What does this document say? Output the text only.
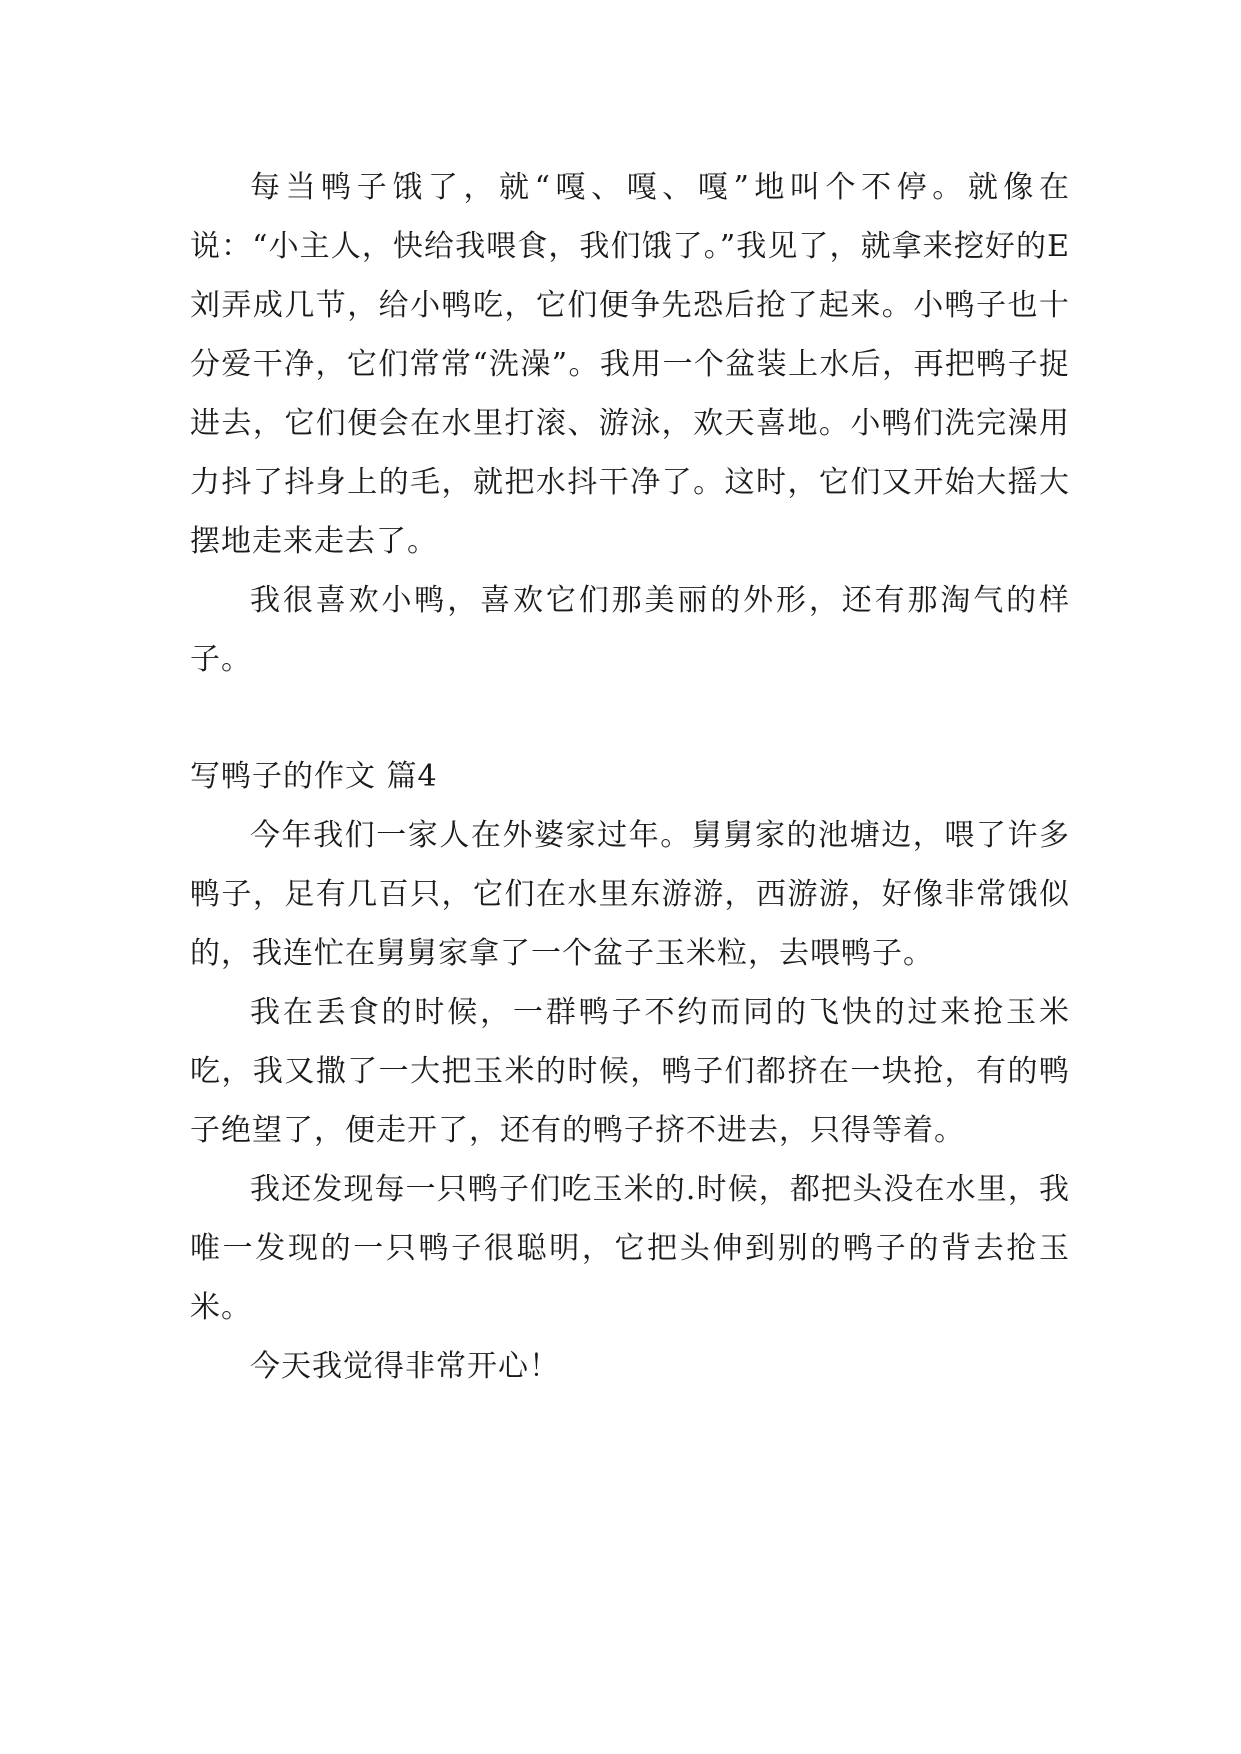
每当鸭子饿了，就“嘎、嘎、嘎”地叫个不停。就像在说：“小主人，快给我喂食，我们饿了。”我见了，就拿来挖好的E刘弄成几节，给小鸭吃，它们便争先恐后抢了起来。小鸭子也十分爱干净，它们常常“洗澡”。我用一个盆装上水后，再把鸭子捉进去，它们便会在水里打滚、游泳，欢天喜地。小鸭们洗完澡用力抖了抖身上的毛，就把水抖干净了。这时，它们又开始大摇大摆地走来走去了。

我很喜欢小鸭，喜欢它们那美丽的外形，还有那淘气的样子。

写鸭子的作文 篇4

今年我们一家人在外婆家过年。舅舅家的池塘边，喂了许多鸭子，足有几百只，它们在水里东游游，西游游，好像非常饿似的，我连忙在舅舅家拿了一个盆子玉米粒，去喂鸭子。

我在丢食的时候，一群鸭子不约而同的飞快的过来抢玉米吃，我又撒了一大把玉米的时候，鸭子们都挤在一块抢，有的鸭子绝望了，便走开了，还有的鸭子挤不进去，只得等着。

我还发现每一只鸭子们吃玉米的.时候，都把头没在水里，我唯一发现的一只鸭子很聪明，它把头伸到别的鸭子的背去抢玉米。

今天我觉得非常开心！
